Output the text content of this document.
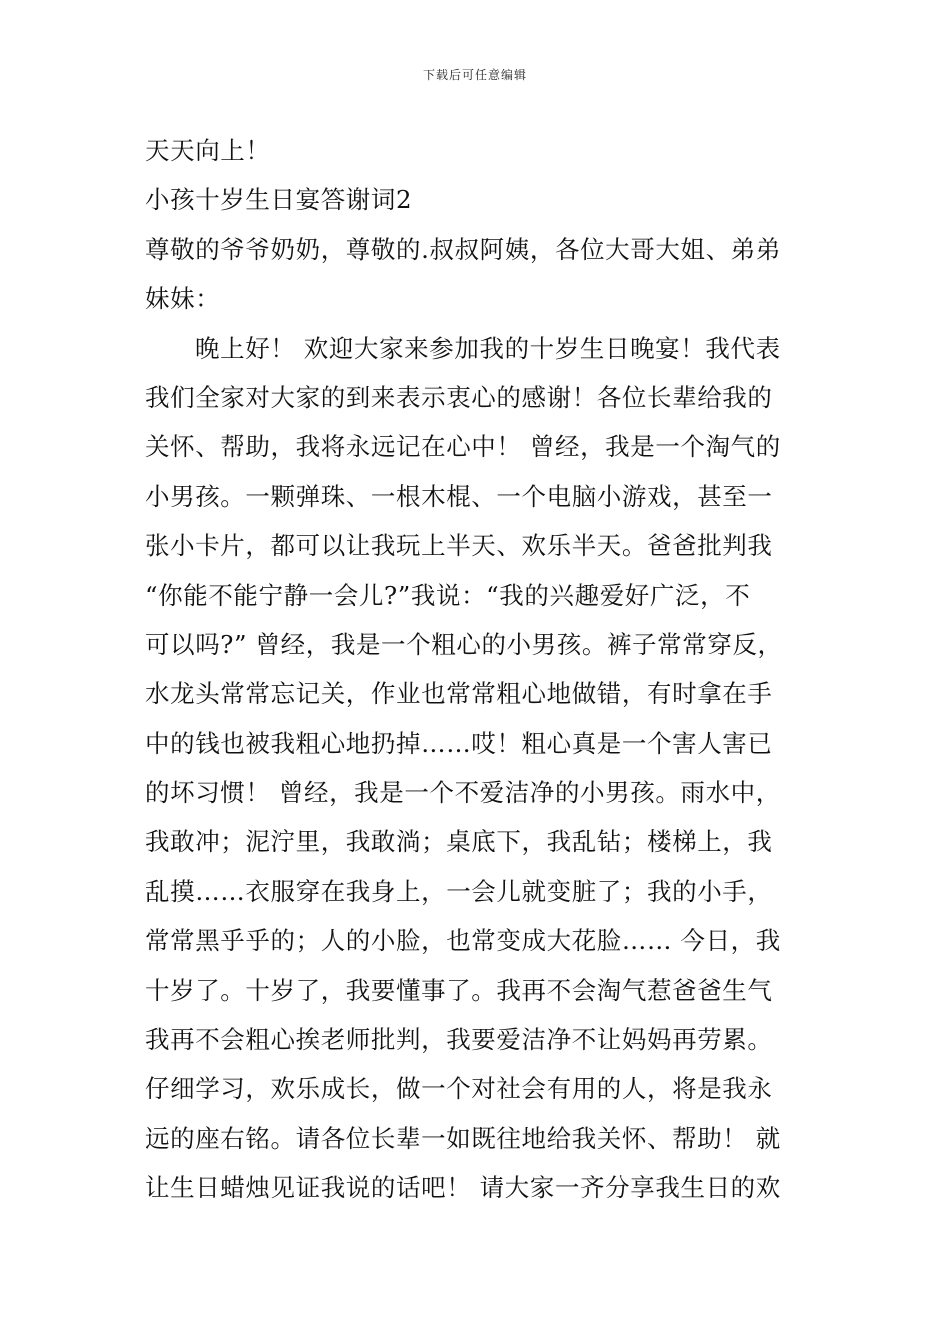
下载后可任意编辑
天天向上！
小孩十岁生日宴答谢词2
尊敬的爷爷奶奶，尊敬的.叔叔阿姨，各位大哥大姐、弟弟
妹妹：
晚上好！ 欢迎大家来参加我的十岁生日晚宴！我代表
我们全家对大家的到来表示衷心的感谢！各位长辈给我的
关怀、帮助，我将永远记在心中！ 曾经，我是一个淘气的
小男孩。一颗弹珠、一根木棍、一个电脑小游戏，甚至一
张小卡片，都可以让我玩上半天、欢乐半天。爸爸批判我
“你能不能宁静一会儿?”我说：“我的兴趣爱好广泛，不
可以吗?” 曾经，我是一个粗心的小男孩。裤子常常穿反，
水龙头常常忘记关，作业也常常粗心地做错，有时拿在手
中的钱也被我粗心地扔掉……哎！粗心真是一个害人害已
的坏习惯！ 曾经，我是一个不爱洁净的小男孩。雨水中，
我敢冲；泥泞里，我敢淌；桌底下，我乱钻；楼梯上，我
乱摸……衣服穿在我身上，一会儿就变脏了；我的小手，
常常黑乎乎的；人的小脸，也常变成大花脸…… 今日，我
十岁了。十岁了，我要懂事了。我再不会淘气惹爸爸生气
我再不会粗心挨老师批判，我要爱洁净不让妈妈再劳累。
仔细学习，欢乐成长，做一个对社会有用的人，将是我永
远的座右铭。请各位长辈一如既往地给我关怀、帮助！ 就
让生日蜡烛见证我说的话吧！ 请大家一齐分享我生日的欢
